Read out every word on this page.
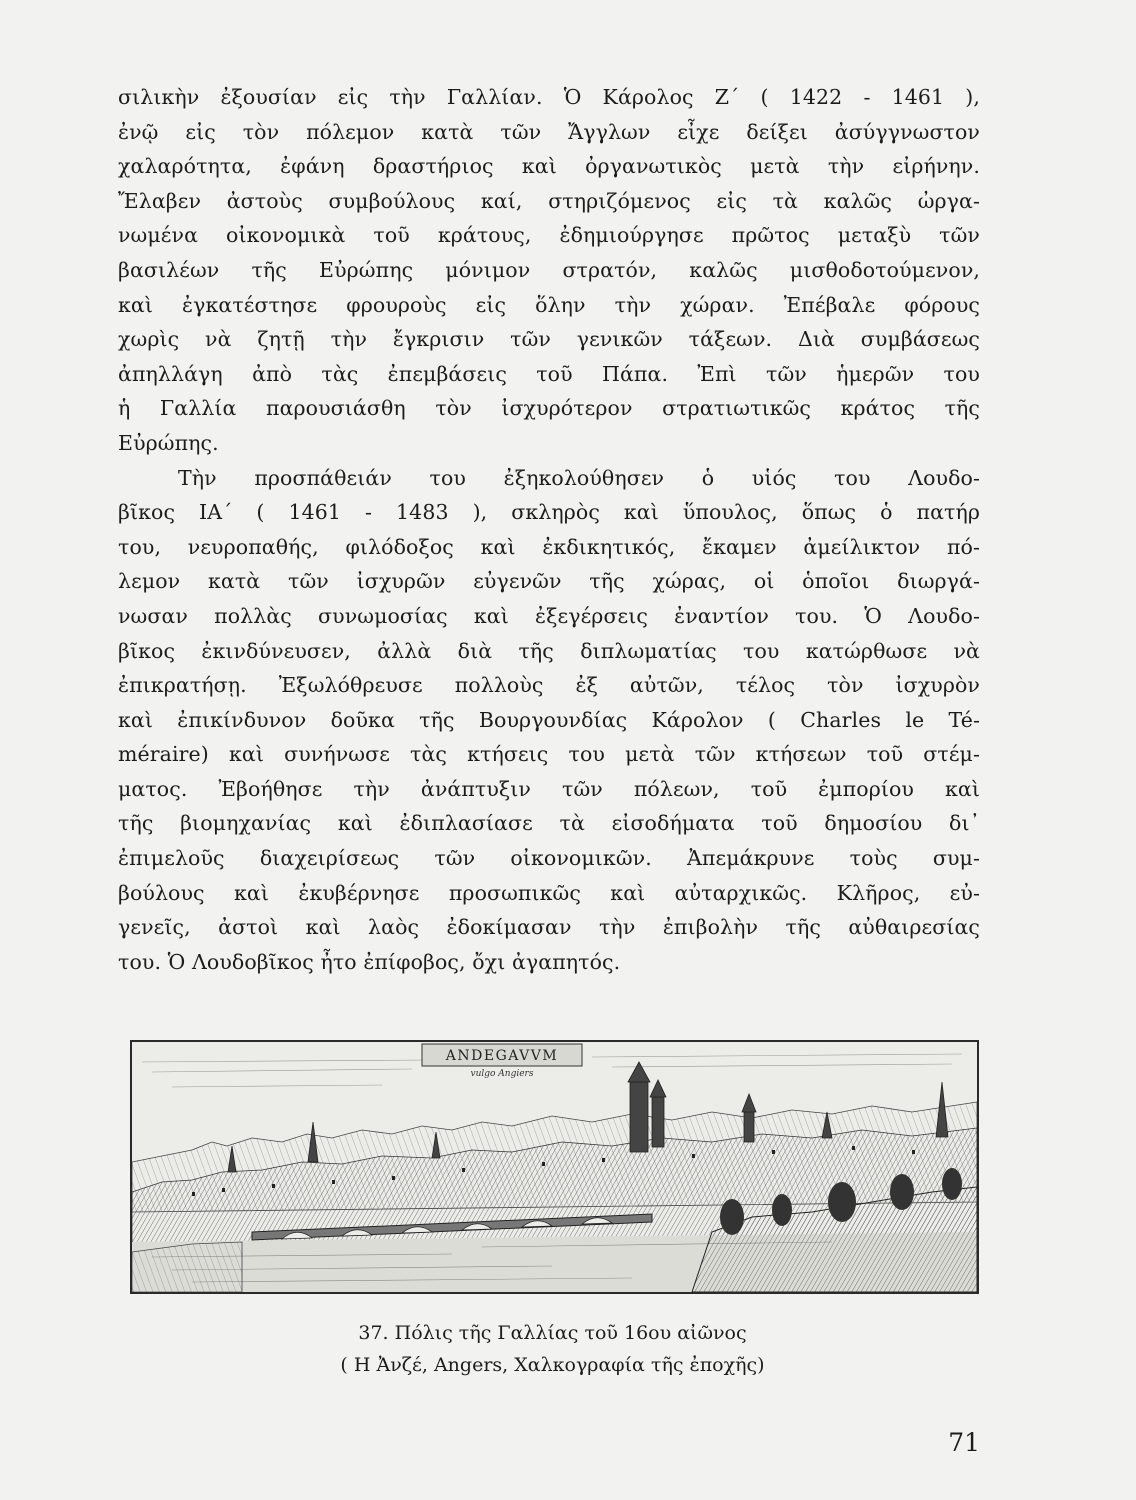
σιλικὴν ἐξουσίαν εἰς τὴν Γαλλίαν. Ὁ Κάρολος Ζ΄ ( 1422 - 1461 ),
ἐνῷ εἰς τὸν πόλεμον κατὰ τῶν Ἄγγλων εἶχε δείξει ἀσύγγνωστον
χαλαρότητα, ἐφάνη δραστήριος καὶ ὀργανωτικὸς μετὰ τὴν εἰρήνην.
Ἔλαβεν ἀστοὺς συμβούλους καί, στηριζόμενος εἰς τὰ καλῶς ὠργα-
νωμένα οἰκονομικὰ τοῦ κράτους, ἐδημιούργησε πρῶτος μεταξὺ τῶν
βασιλέων τῆς Εὐρώπης μόνιμον στρατόν, καλῶς μισθοδοτούμενον,
καὶ ἐγκατέστησε φρουροὺς εἰς ὅλην τὴν χώραν. Ἐπέβαλε φόρους
χωρὶς νὰ ζητῇ τὴν ἔγκρισιν τῶν γενικῶν τάξεων. Διὰ συμβάσεως
ἀπηλλάγη ἀπὸ τὰς ἐπεμβάσεις τοῦ Πάπα. Ἐπὶ τῶν ἡμερῶν του
ἡ Γαλλία παρουσιάσθη τὸν ἰσχυρότερον στρατιωτικῶς κράτος τῆς
Εὐρώπης.
Τὴν προσπάθειάν του ἐξηκολούθησεν ὁ υἱός του Λουδο-
βῖκος ΙΑ΄ ( 1461 - 1483 ), σκληρὸς καὶ ὕπουλος, ὅπως ὁ πατήρ
του, νευροπαθής, φιλόδοξος καὶ ἐκδικητικός, ἔκαμεν ἀμείλικτον πό-
λεμον κατὰ τῶν ἰσχυρῶν εὐγενῶν τῆς χώρας, οἱ ὁποῖοι διωργά-
νωσαν πολλὰς συνωμοσίας καὶ ἐξεγέρσεις ἐναντίον του. Ὁ Λουδο-
βῖκος ἐκινδύνευσεν, ἀλλὰ διὰ τῆς διπλωματίας του κατώρθωσε νὰ
ἐπικρατήσῃ. Ἐξωλόθρευσε πολλοὺς ἐξ αὐτῶν, τέλος τὸν ἰσχυρὸν
καὶ ἐπικίνδυνον δοῦκα τῆς Βουργουνδίας Κάρολον ( Charles le Té-
méraire) καὶ συνήνωσε τὰς κτήσεις του μετὰ τῶν κτήσεων τοῦ στέμ-
ματος. Ἐβοήθησε τὴν ἀνάπτυξιν τῶν πόλεων, τοῦ ἐμπορίου καὶ
τῆς βιομηχανίας καὶ ἐδιπλασίασε τὰ εἰσοδήματα τοῦ δημοσίου δι᾽
ἐπιμελοῦς διαχειρίσεως τῶν οἰκονομικῶν. Ἀπεμάκρυνε τοὺς συμ-
βούλους καὶ ἐκυβέρνησε προσωπικῶς καὶ αὐταρχικῶς. Κλῆρος, εὐ-
γενεῖς, ἀστοὶ καὶ λαὸς ἐδοκίμασαν τὴν ἐπιβολὴν τῆς αὐθαιρεσίας
του. Ὁ Λουδοβῖκος ἦτο ἐπίφοβος, ὄχι ἀγαπητός.
ANDEGAVVM
vulgo Angiers
37. Πόλις τῆς Γαλλίας τοῦ 16ου αἰῶνος
( Η Ἀνζέ, Angers, Χαλκογραφία τῆς ἐποχῆς)
71
